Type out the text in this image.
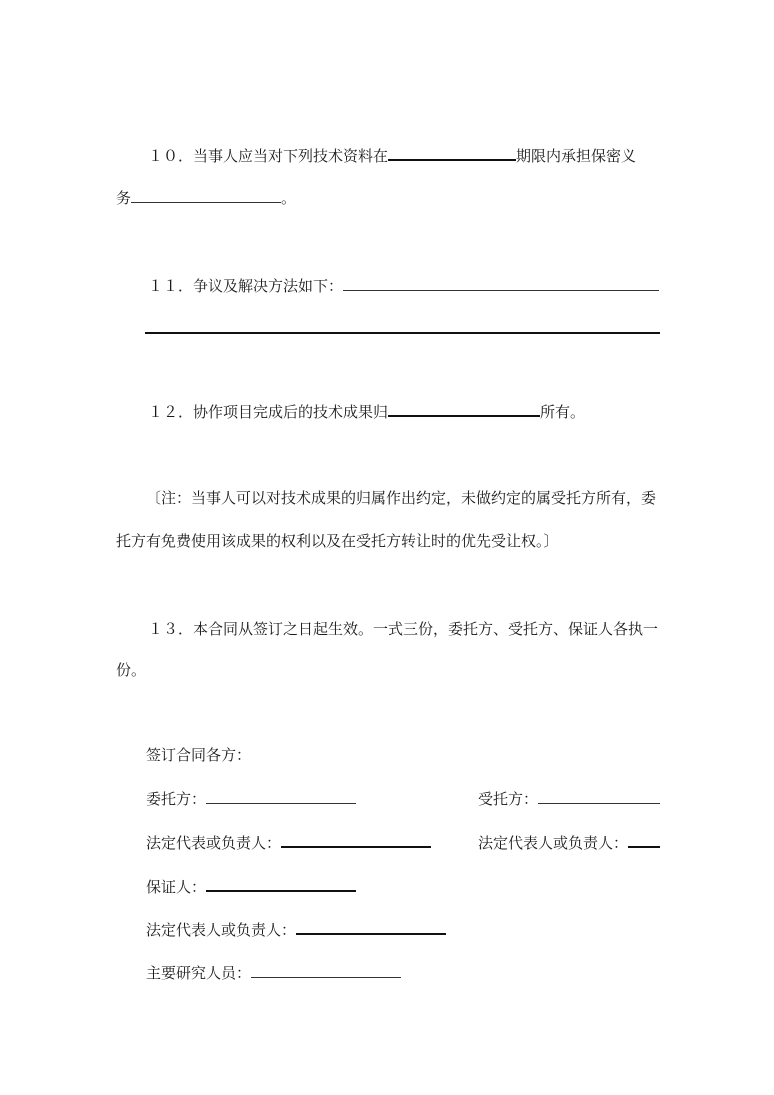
１０．当事人应当对下列技术资料在	期限内承担保密义
务	。
１１．争议及解决方法如下：
１２．协作项目完成后的技术成果归	所有。
〔注：当事人可以对技术成果的归属作出约定，未做约定的属受托方所有，委
托方有免费使用该成果的权利以及在受托方转让时的优先受让权。〕
１３．本合同从签订之日起生效。一式三份，委托方、受托方、保证人各执一
份。
签订合同各方：
委托方：	受托方：
法定代表或负责人：	法定代表人或负责人：
保证人：
法定代表人或负责人：
主要研究人员：
